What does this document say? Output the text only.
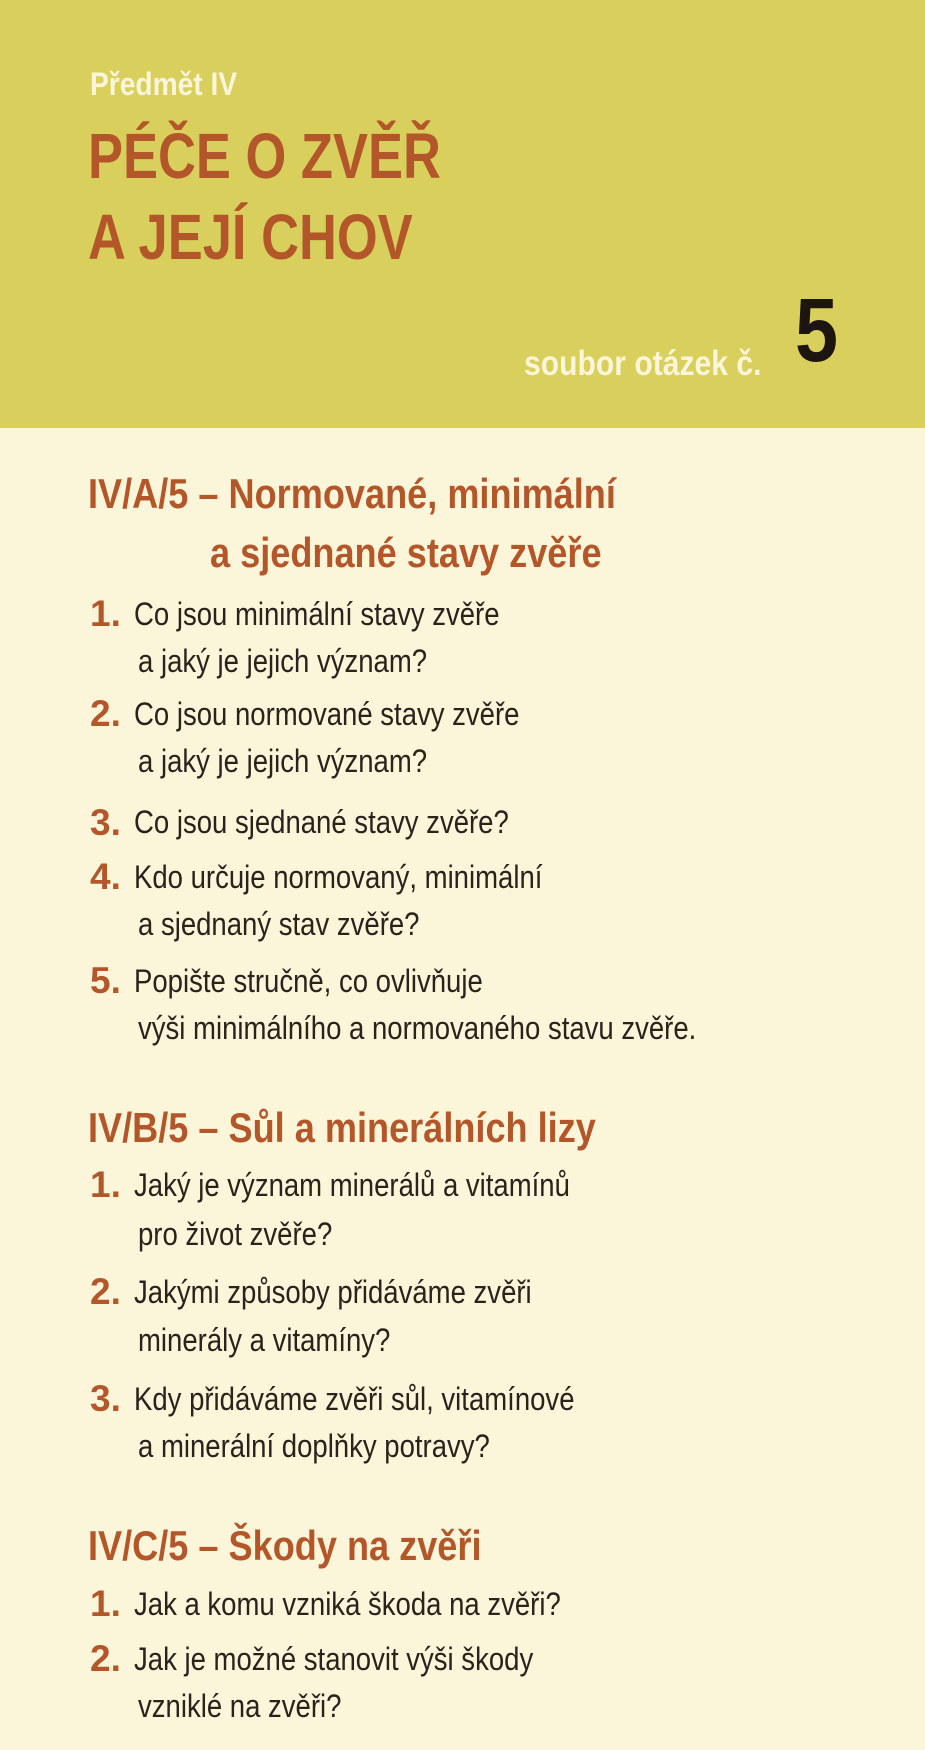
Předmět IV
PÉČE O ZVĚŘ
A JEJÍ CHOV
soubor otázek č. 5
IV/A/5 – Normované, minimální
a sjednané stavy zvěře
1. Co jsou minimální stavy zvěře
a jaký je jejich význam?
2. Co jsou normované stavy zvěře
a jaký je jejich význam?
3. Co jsou sjednané stavy zvěře?
4. Kdo určuje normovaný, minimální
a sjednaný stav zvěře?
5. Popište stručně, co ovlivňuje
výši minimálního a normovaného stavu zvěře.
IV/B/5 – Sůl a minerálních lizy
1. Jaký je význam minerálů a vitamínů
pro život zvěře?
2. Jakými způsoby přidáváme zvěři
minerály a vitamíny?
3. Kdy přidáváme zvěři sůl, vitamínové
a minerální doplňky potravy?
IV/C/5 – Škody na zvěři
1. Jak a komu vzniká škoda na zvěři?
2. Jak je možné stanovit výši škody
vzniklé na zvěři?
